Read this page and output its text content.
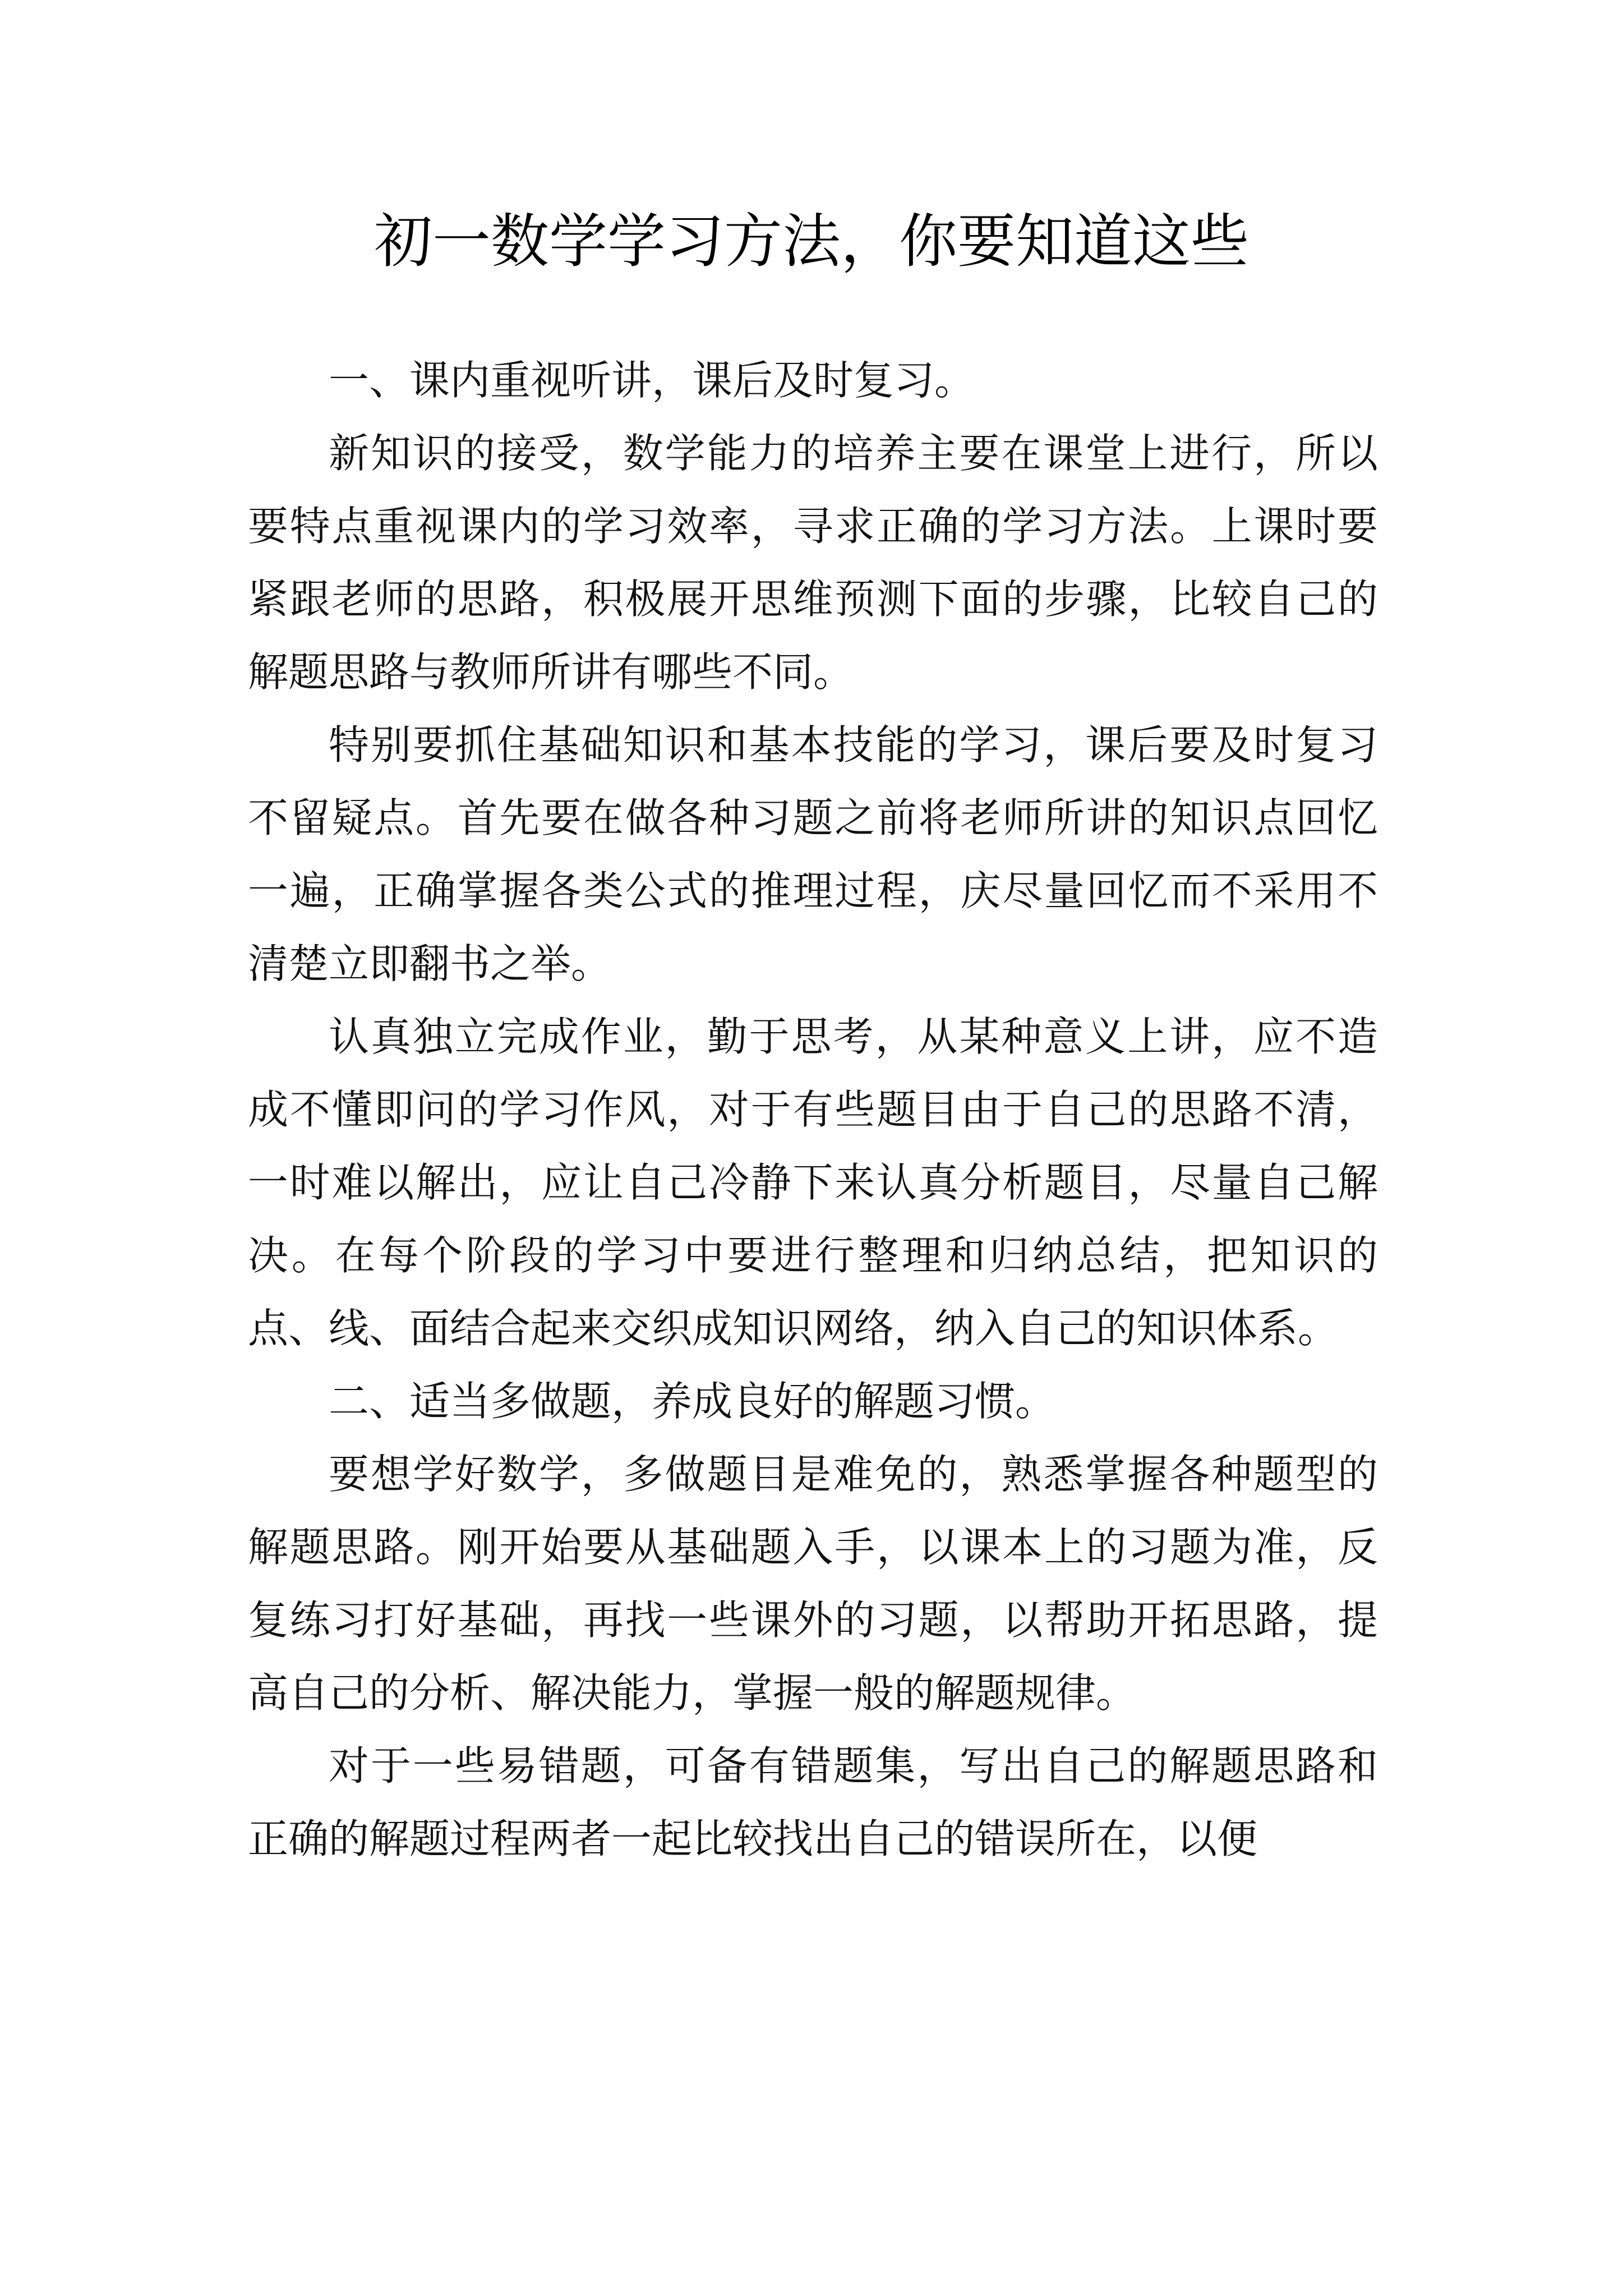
初一数学学习方法，你要知道这些

一、课内重视听讲，课后及时复习。

新知识的接受，数学能力的培养主要在课堂上进行，所以要特点重视课内的学习效率，寻求正确的学习方法。上课时要紧跟老师的思路，积极展开思维预测下面的步骤，比较自己的解题思路与教师所讲有哪些不同。

特别要抓住基础知识和基本技能的学习，课后要及时复习不留疑点。首先要在做各种习题之前将老师所讲的知识点回忆一遍，正确掌握各类公式的推理过程，庆尽量回忆而不采用不清楚立即翻书之举。

认真独立完成作业，勤于思考，从某种意义上讲，应不造成不懂即问的学习作风，对于有些题目由于自己的思路不清，一时难以解出，应让自己冷静下来认真分析题目，尽量自己解决。在每个阶段的学习中要进行整理和归纳总结，把知识的点、线、面结合起来交织成知识网络，纳入自己的知识体系。

二、适当多做题，养成良好的解题习惯。

要想学好数学，多做题目是难免的，熟悉掌握各种题型的解题思路。刚开始要从基础题入手，以课本上的习题为准，反复练习打好基础，再找一些课外的习题，以帮助开拓思路，提高自己的分析、解决能力，掌握一般的解题规律。

对于一些易错题，可备有错题集，写出自己的解题思路和正确的解题过程两者一起比较找出自己的错误所在，以便
